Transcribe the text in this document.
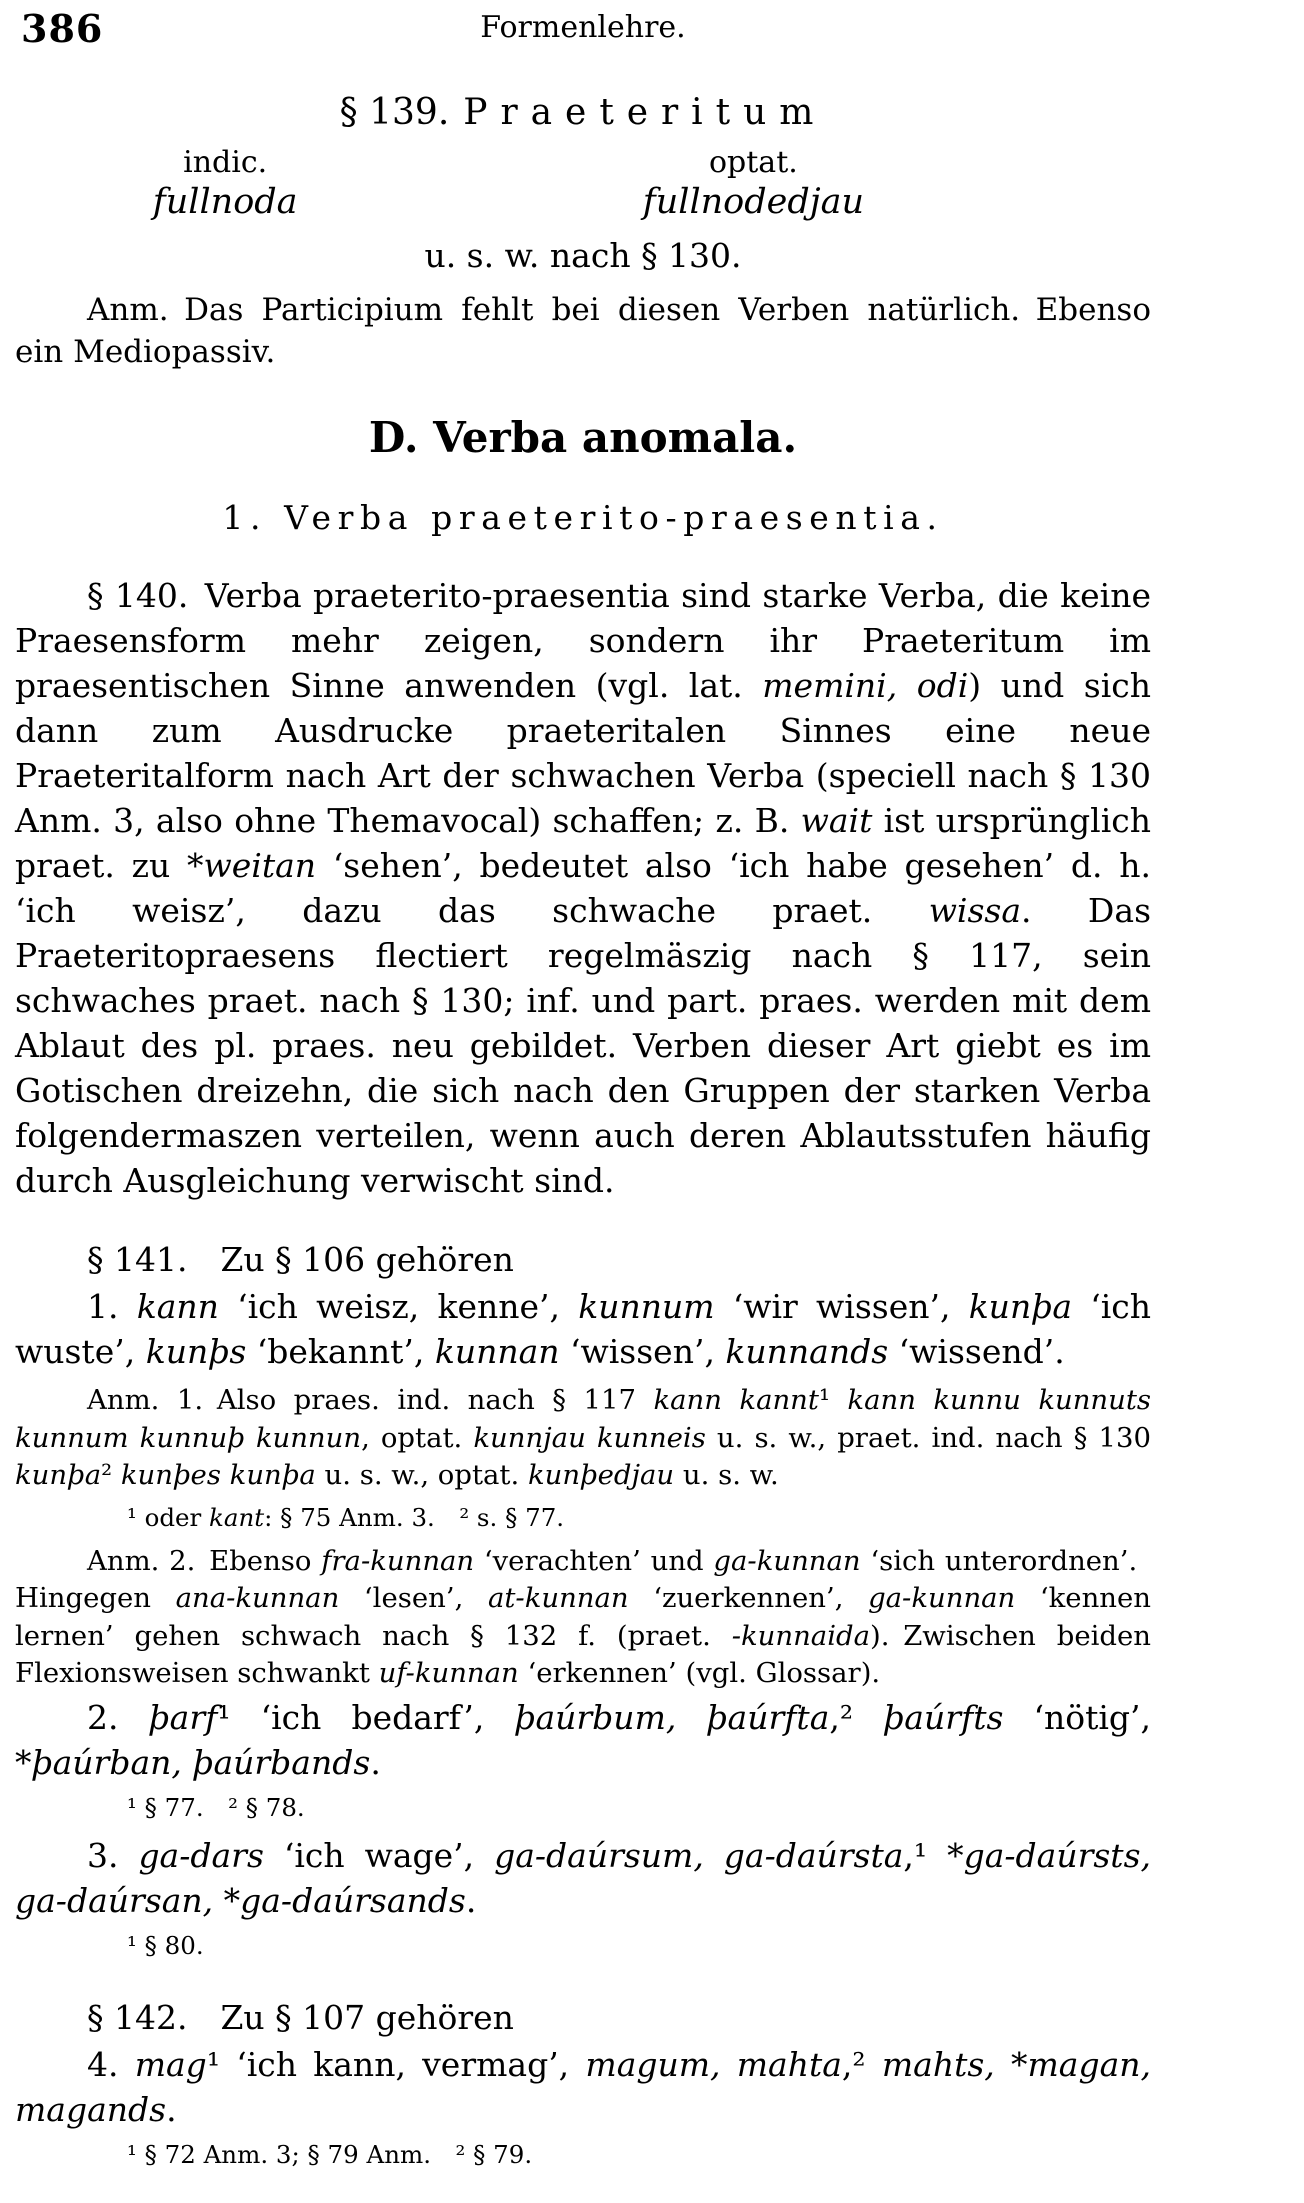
386	Formenlehre.
§ 139. Praeteritum
indic.	optat.
fullnoda	fullnodedjau
u. s. w. nach § 130.

Anm. Das Participium fehlt bei diesen Verben natürlich. Ebenso ein Mediopassiv.

D. Verba anomala.
1. Verba praeterito-praesentia.

§ 140. Verba praeterito-praesentia sind starke Verba, die keine Praesensform mehr zeigen, sondern ihr Praeteritum im praesentischen Sinne anwenden (vgl. lat. memini, odi) und sich dann zum Ausdrucke praeteritalen Sinnes eine neue Praeteritalform nach Art der schwachen Verba (speciell nach § 130 Anm. 3, also ohne Themavocal) schaffen; z. B. wait ist ursprünglich praet. zu *weitan ‘sehen’, bedeutet also ‘ich habe gesehen’ d. h. ‘ich weisz’, dazu das schwache praet. wissa. Das Praeteritopraesens flectiert regelmäszig nach § 117, sein schwaches praet. nach § 130; inf. und part. praes. werden mit dem Ablaut des pl. praes. neu gebildet. Verben dieser Art giebt es im Gotischen dreizehn, die sich nach den Gruppen der starken Verba folgendermaszen verteilen, wenn auch deren Ablautsstufen häufig durch Ausgleichung verwischt sind.

§ 141. Zu § 106 gehören

1. kann ‘ich weisz, kenne’, kunnum ‘wir wissen’, kunþa ‘ich wuste’, kunþs ‘bekannt’, kunnan ‘wissen’, kunnands ‘wissend’.

Anm. 1. Also praes. ind. nach § 117 kann kannt¹ kann kunnu kunnuts kunnum kunnuþ kunnun, optat. kunnjau kunneis u. s. w., praet. ind. nach § 130 kunþa² kunþes kunþa u. s. w., optat. kunþedjau u. s. w.

¹ oder kant: § 75 Anm. 3. ² s. § 77.

Anm. 2. Ebenso fra-kunnan ‘verachten’ und ga-kunnan ‘sich unterordnen’. Hingegen ana-kunnan ‘lesen’, at-kunnan ‘zuerkennen’, ga-kunnan ‘kennen lernen’ gehen schwach nach § 132 f. (praet. -kunnaida). Zwischen beiden Flexionsweisen schwankt uf-kunnan ‘erkennen’ (vgl. Glossar).

2. þarf¹ ‘ich bedarf’, þaúrbum, þaúrfta,² þaúrfts ‘nötig’, *þaúrban, þaúrbands.

¹ § 77. ² § 78.

3. ga-dars ‘ich wage’, ga-daúrsum, ga-daúrsta,¹ *ga-daúrsts, ga-daúrsan, *ga-daúrsands.

¹ § 80.

§ 142. Zu § 107 gehören

4. mag¹ ‘ich kann, vermag’, magum, mahta,² mahts, *magan, magands.

¹ § 72 Anm. 3; § 79 Anm. ² § 79.
